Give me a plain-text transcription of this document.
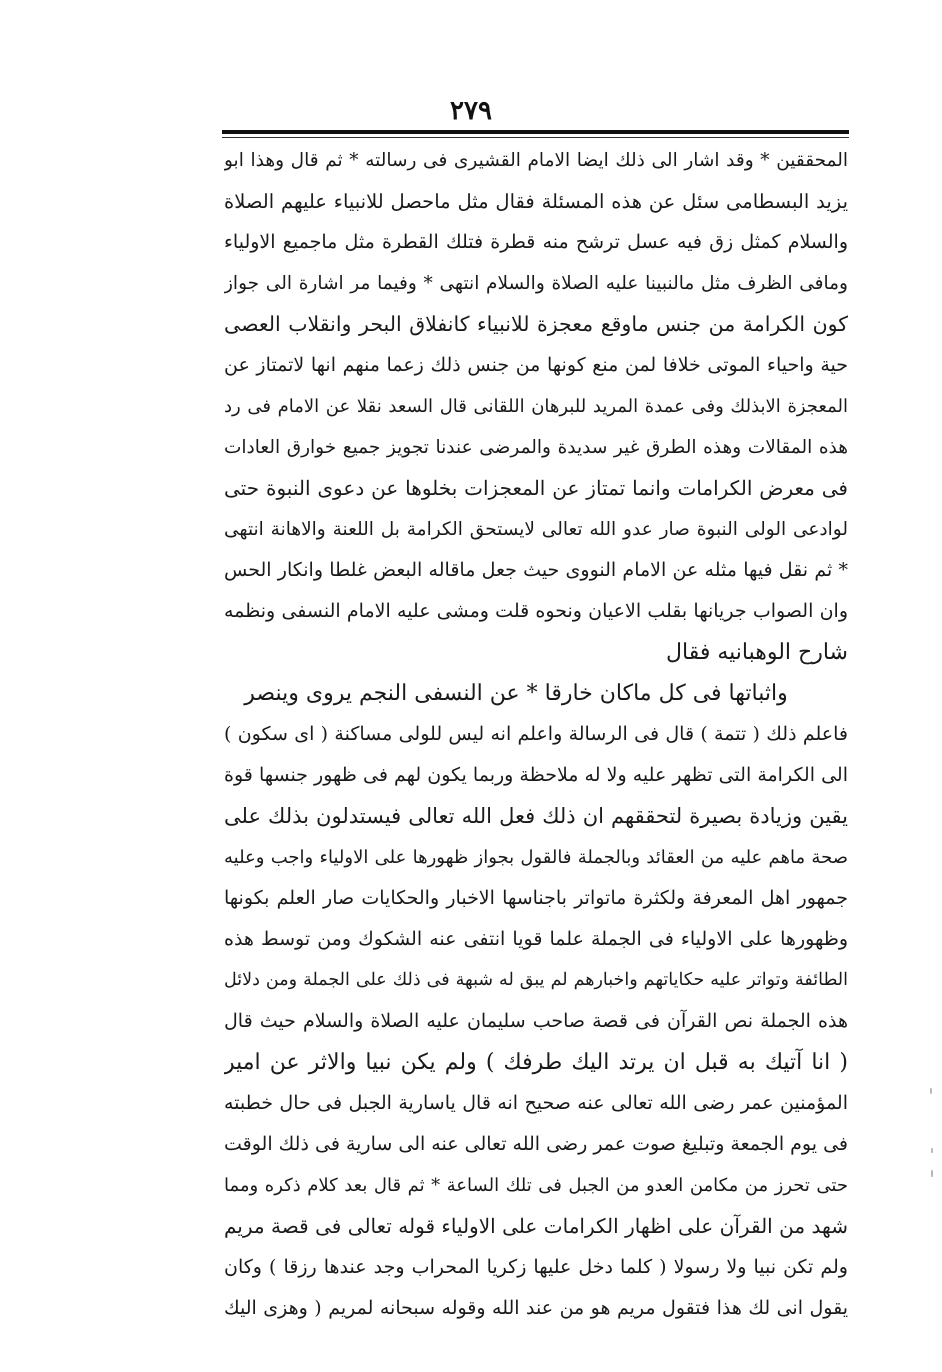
٢٧٩
المحققين * وقد اشار الى ذلك ايضا الامام القشيرى فى رسالته * ثم قال وهذا ابو
يزيد البسطامى سئل عن هذه المسئلة فقال مثل ماحصل للانبياء عليهم الصلاة
والسلام كمثل زق فيه عسل ترشح منه قطرة فتلك القطرة مثل ماجميع الاولياء
ومافى الظرف مثل مالنبينا عليه الصلاة والسلام انتهى * وفيما مر اشارة الى جواز
كون الكرامة من جنس ماوقع معجزة للانبياء كانفلاق البحر وانقلاب العصى
حية واحياء الموتى خلافا لمن منع كونها من جنس ذلك زعما منهم انها لاتمتاز عن
المعجزة الابذلك وفى عمدة المريد للبرهان اللقانى قال السعد نقلا عن الامام فى رد
هذه المقالات وهذه الطرق غير سديدة والمرضى عندنا تجويز جميع خوارق العادات
فى معرض الكرامات وانما تمتاز عن المعجزات بخلوها عن دعوى النبوة حتى
لوادعى الولى النبوة صار عدو الله تعالى لايستحق الكرامة بل اللعنة والاهانة انتهى
* ثم نقل فيها مثله عن الامام النووى حيث جعل ماقاله البعض غلطا وانكار الحس
وان الصواب جريانها بقلب الاعيان ونحوه قلت ومشى عليه الامام النسفى ونظمه
شارح الوهبانيه فقال
واثباتها فى كل ماكان خارقا * عن النسفى النجم يروى وينصر
فاعلم ذلك ( تتمة ) قال فى الرسالة واعلم انه ليس للولى مساكنة ( اى سكون )
الى الكرامة التى تظهر عليه ولا له ملاحظة وربما يكون لهم فى ظهور جنسها قوة
يقين وزيادة بصيرة لتحققهم ان ذلك فعل الله تعالى فيستدلون بذلك على
صحة ماهم عليه من العقائد وبالجملة فالقول بجواز ظهورها على الاولياء واجب وعليه
جمهور اهل المعرفة ولكثرة ماتواتر باجناسها الاخبار والحكايات صار العلم بكونها
وظهورها على الاولياء فى الجملة علما قويا انتفى عنه الشكوك ومن توسط هذه
الطائفة وتواتر عليه حكاياتهم واخبارهم لم يبق له شبهة فى ذلك على الجملة ومن دلائل
هذه الجملة نص القرآن فى قصة صاحب سليمان عليه الصلاة والسلام حيث قال
( انا آتيك به قبل ان يرتد اليك طرفك ) ولم يكن نبيا والاثر عن امير
المؤمنين عمر رضى الله تعالى عنه صحيح انه قال ياسارية الجبل فى حال خطبته
فى يوم الجمعة وتبليغ صوت عمر رضى الله تعالى عنه الى سارية فى ذلك الوقت
حتى تحرز من مكامن العدو من الجبل فى تلك الساعة * ثم قال بعد كلام ذكره ومما
شهد من القرآن على اظهار الكرامات على الاولياء قوله تعالى فى قصة مريم
ولم تكن نبيا ولا رسولا ( كلما دخل عليها زكريا المحراب وجد عندها رزقا ) وكان
يقول انى لك هذا فتقول مريم هو من عند الله وقوله سبحانه لمريم ( وهزى اليك
